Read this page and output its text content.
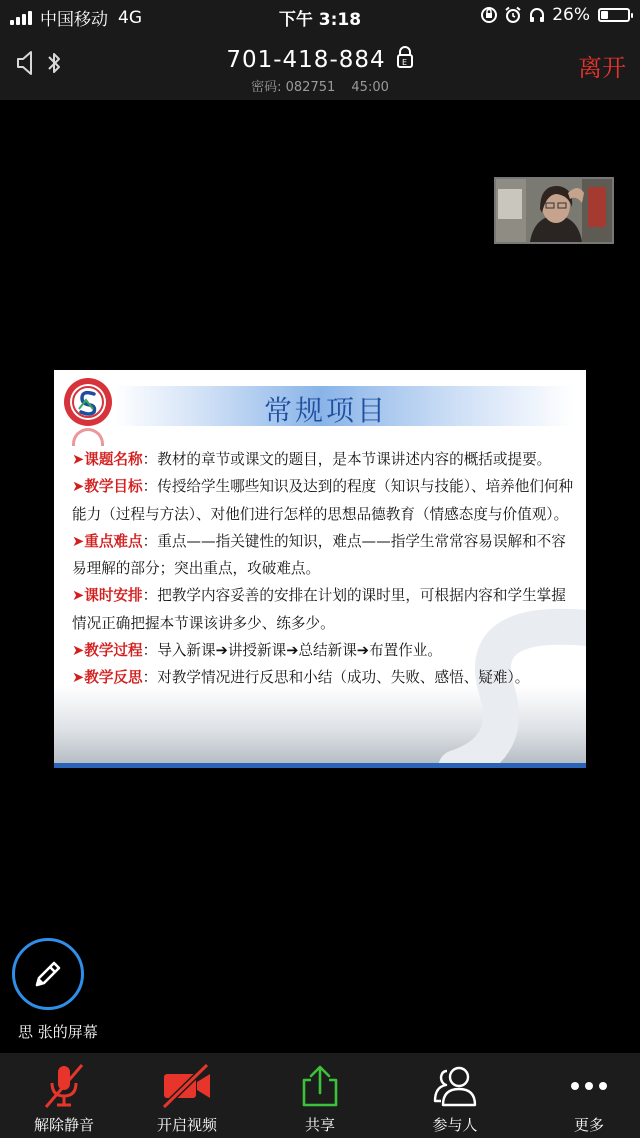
中国移动 4G	下午 3:18	26%
701-418-884 E
密码: 082751 45:00
离开
常规项目

➤课题名称：教材的章节或课文的题目，是本节课讲述内容的概括或提要。

➤教学目标：传授给学生哪些知识及达到的程度（知识与技能）、培养他们何种能力（过程与方法）、对他们进行怎样的思想品德教育（情感态度与价值观）。

➤重点难点：重点——指关键性的知识，难点——指学生常常容易误解和不容易理解的部分；突出重点，攻破难点。

➤课时安排：把教学内容妥善的安排在计划的课时里，可根据内容和学生掌握情况正确把握本节课该讲多少、练多少。

➤教学过程：导入新课➔讲授新课➔总结新课➔布置作业。

➤教学反思：对教学情况进行反思和小结（成功、失败、感悟、疑难）。

思 张的屏幕
解除静音	开启视频	共享	参与人	更多
